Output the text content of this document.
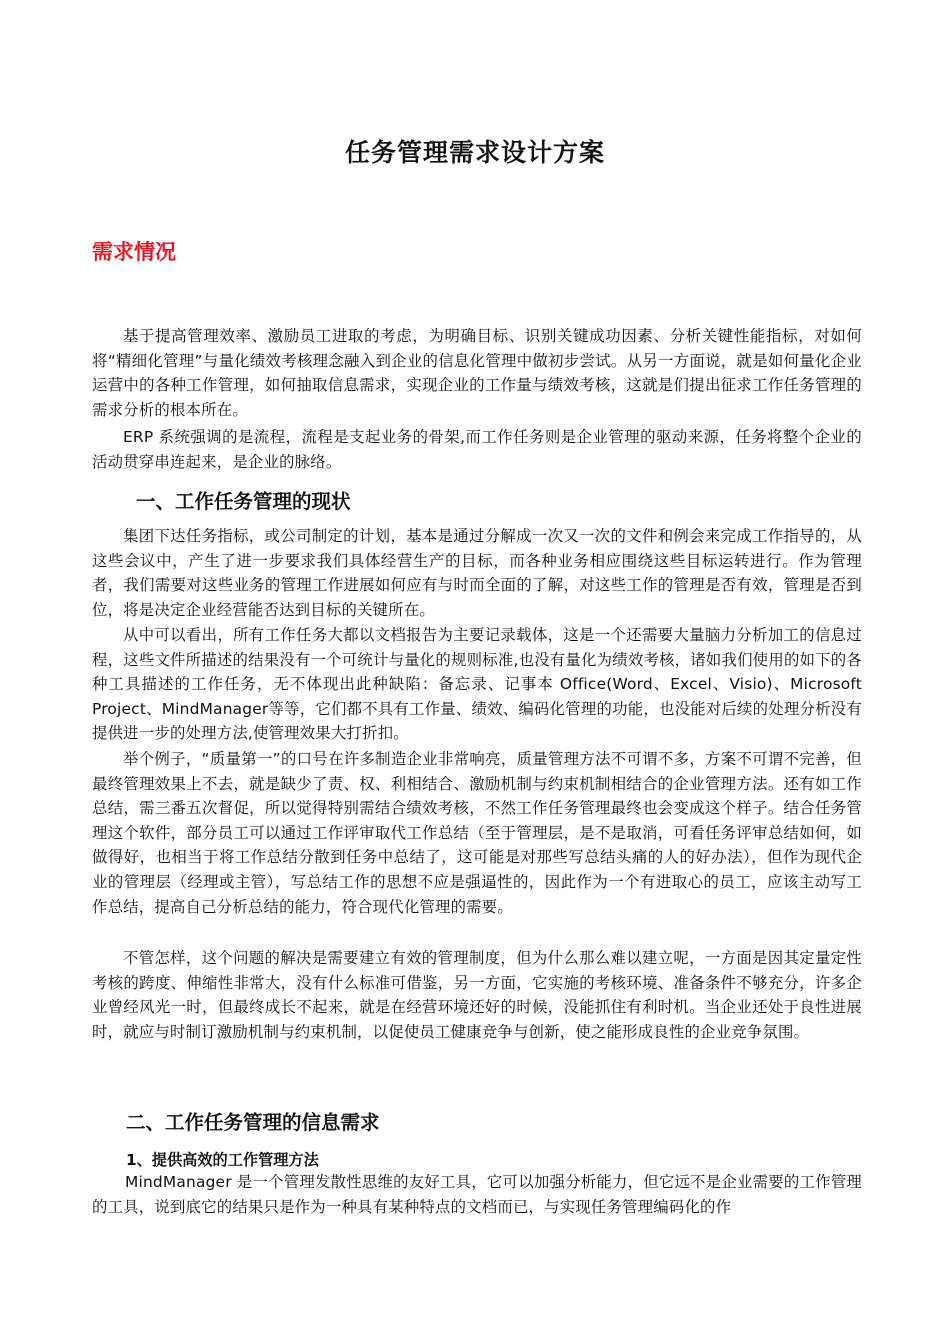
任务管理需求设计方案
需求情况

基于提高管理效率、激励员工进取的考虑，为明确目标、识别关键成功因素、分析关键性能指标，对如何将“精细化管理”与量化绩效考核理念融入到企业的信息化管理中做初步尝试。从另一方面说，就是如何量化企业运营中的各种工作管理，如何抽取信息需求，实现企业的工作量与绩效考核，这就是们提出征求工作任务管理的需求分析的根本所在。

ERP 系统强调的是流程，流程是支起业务的骨架,而工作任务则是企业管理的驱动来源，任务将整个企业的活动贯穿串连起来，是企业的脉络。

一、工作任务管理的现状

集团下达任务指标，或公司制定的计划，基本是通过分解成一次又一次的文件和例会来完成工作指导的，从这些会议中，产生了进一步要求我们具体经营生产的目标，而各种业务相应围绕这些目标运转进行。作为管理者，我们需要对这些业务的管理工作进展如何应有与时而全面的了解，对这些工作的管理是否有效，管理是否到位，将是决定企业经营能否达到目标的关键所在。

从中可以看出，所有工作任务大都以文档报告为主要记录载体，这是一个还需要大量脑力分析加工的信息过程，这些文件所描述的结果没有一个可统计与量化的规则标准,也没有量化为绩效考核，诸如我们使用的如下的各种工具描述的工作任务，无不体现出此种缺陷：备忘录、记事本 Office(Word、Excel、Visio)、Microsoft Project、MindManager等等，它们都不具有工作量、绩效、编码化管理的功能，也没能对后续的处理分析没有提供进一步的处理方法,使管理效果大打折扣。

举个例子，“质量第一”的口号在许多制造企业非常响亮，质量管理方法不可谓不多，方案不可谓不完善，但最终管理效果上不去，就是缺少了责、权、利相结合、激励机制与约束机制相结合的企业管理方法。还有如工作总结，需三番五次督促，所以觉得特别需结合绩效考核，不然工作任务管理最终也会变成这个样子。结合任务管理这个软件，部分员工可以通过工作评审取代工作总结（至于管理层，是不是取消，可看任务评审总结如何，如做得好，也相当于将工作总结分散到任务中总结了，这可能是对那些写总结头痛的人的好办法），但作为现代企业的管理层（经理或主管），写总结工作的思想不应是强逼性的，因此作为一个有进取心的员工，应该主动写工作总结，提高自己分析总结的能力，符合现代化管理的需要。

不管怎样，这个问题的解决是需要建立有效的管理制度，但为什么那么难以建立呢，一方面是因其定量定性考核的跨度、伸缩性非常大，没有什么标准可借鉴，另一方面，它实施的考核环境、准备条件不够充分，许多企业曾经风光一时，但最终成长不起来，就是在经营环境还好的时候，没能抓住有利时机。当企业还处于良性进展时，就应与时制订激励机制与约束机制，以促使员工健康竞争与创新，使之能形成良性的企业竞争氛围。

二、工作任务管理的信息需求
1、提供高效的工作管理方法

MindManager 是一个管理发散性思维的友好工具，它可以加强分析能力，但它远不是企业需要的工作管理的工具，说到底它的结果只是作为一种具有某种特点的文档而已，与实现任务管理编码化的作
